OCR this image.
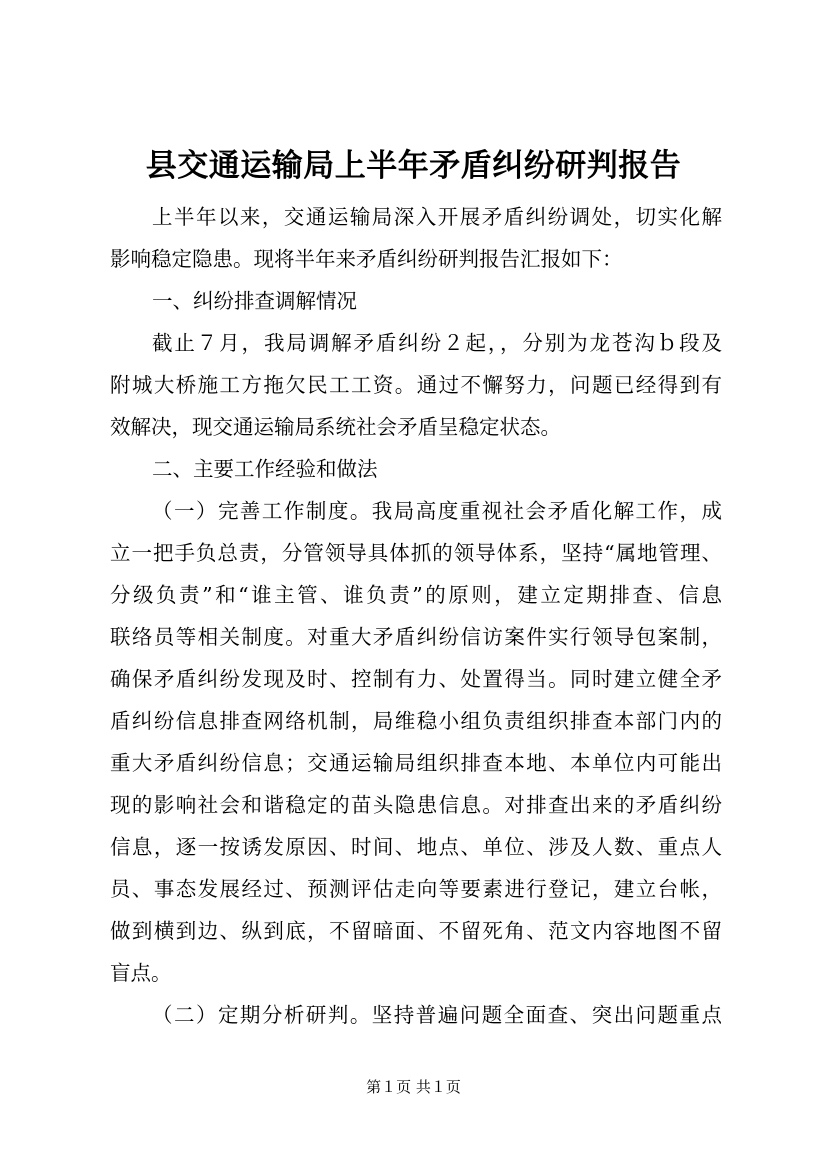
县交通运输局上半年矛盾纠纷研判报告
上半年以来，交通运输局深入开展矛盾纠纷调处，切实化解
影响稳定隐患。现将半年来矛盾纠纷研判报告汇报如下：
一、纠纷排查调解情况
截止７月，我局调解矛盾纠纷２起，，分别为龙苍沟ｂ段及
附城大桥施工方拖欠民工工资。通过不懈努力，问题已经得到有
效解决，现交通运输局系统社会矛盾呈稳定状态。
二、主要工作经验和做法
（一）完善工作制度。我局高度重视社会矛盾化解工作，成
立一把手负总责，分管领导具体抓的领导体系，坚持“属地管理、
分级负责”和“谁主管、谁负责”的原则，建立定期排查、信息
联络员等相关制度。对重大矛盾纠纷信访案件实行领导包案制，
确保矛盾纠纷发现及时、控制有力、处置得当。同时建立健全矛
盾纠纷信息排查网络机制，局维稳小组负责组织排查本部门内的
重大矛盾纠纷信息；交通运输局组织排查本地、本单位内可能出
现的影响社会和谐稳定的苗头隐患信息。对排查出来的矛盾纠纷
信息，逐一按诱发原因、时间、地点、单位、涉及人数、重点人
员、事态发展经过、预测评估走向等要素进行登记，建立台帐，
做到横到边、纵到底，不留暗面、不留死角、范文内容地图不留
盲点。
（二）定期分析研判。坚持普遍问题全面查、突出问题重点
第１页 共１页
